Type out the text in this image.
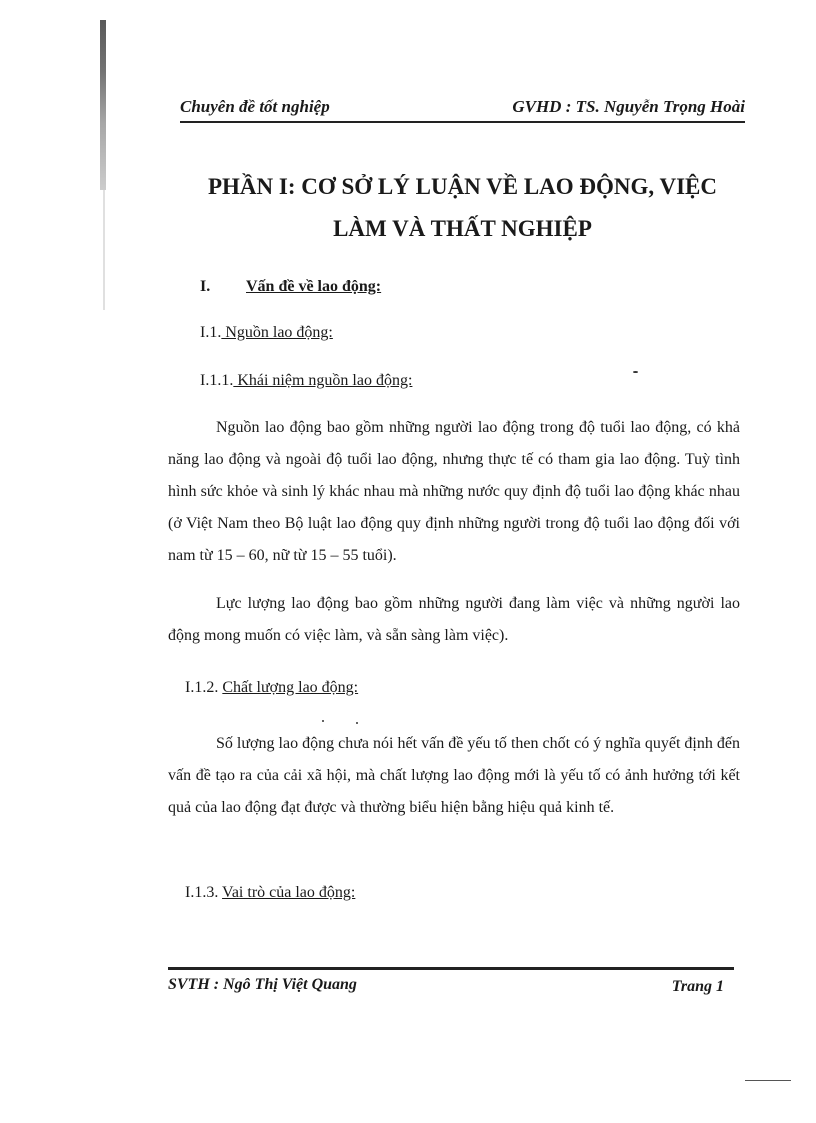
Chuyên đề tốt nghiệp	GVHD : TS. Nguyễn Trọng Hoài
PHẦN I: CƠ SỞ LÝ LUẬN VỀ LAO ĐỘNG, VIỆC
LÀM VÀ THẤT NGHIỆP
I. Vấn đề về lao động:
I.1. Nguồn lao động:
I.1.1. Khái niệm nguồn lao động:

Nguồn lao động bao gồm những người lao động trong độ tuổi lao động, có khả năng lao động và ngoài độ tuổi lao động, nhưng thực tế có tham gia lao động. Tuỳ tình hình sức khỏe và sinh lý khác nhau mà những nước quy định độ tuổi lao động khác nhau (ở Việt Nam theo Bộ luật lao động quy định những người trong độ tuổi lao động đối với nam từ 15 – 60, nữ từ 15 – 55 tuổi).

Lực lượng lao động bao gồm những người đang làm việc và những người lao động mong muốn có việc làm, và sẵn sàng làm việc).

I.1.2. Chất lượng lao động:

Số lượng lao động chưa nói hết vấn đề yếu tố then chốt có ý nghĩa quyết định đến vấn đề tạo ra của cải xã hội, mà chất lượng lao động mới là yếu tố có ảnh hưởng tới kết quả của lao động đạt được và thường biểu hiện bằng hiệu quả kinh tế.

I.1.3. Vai trò của lao động:
SVTH : Ngô Thị Việt Quang	Trang 1
